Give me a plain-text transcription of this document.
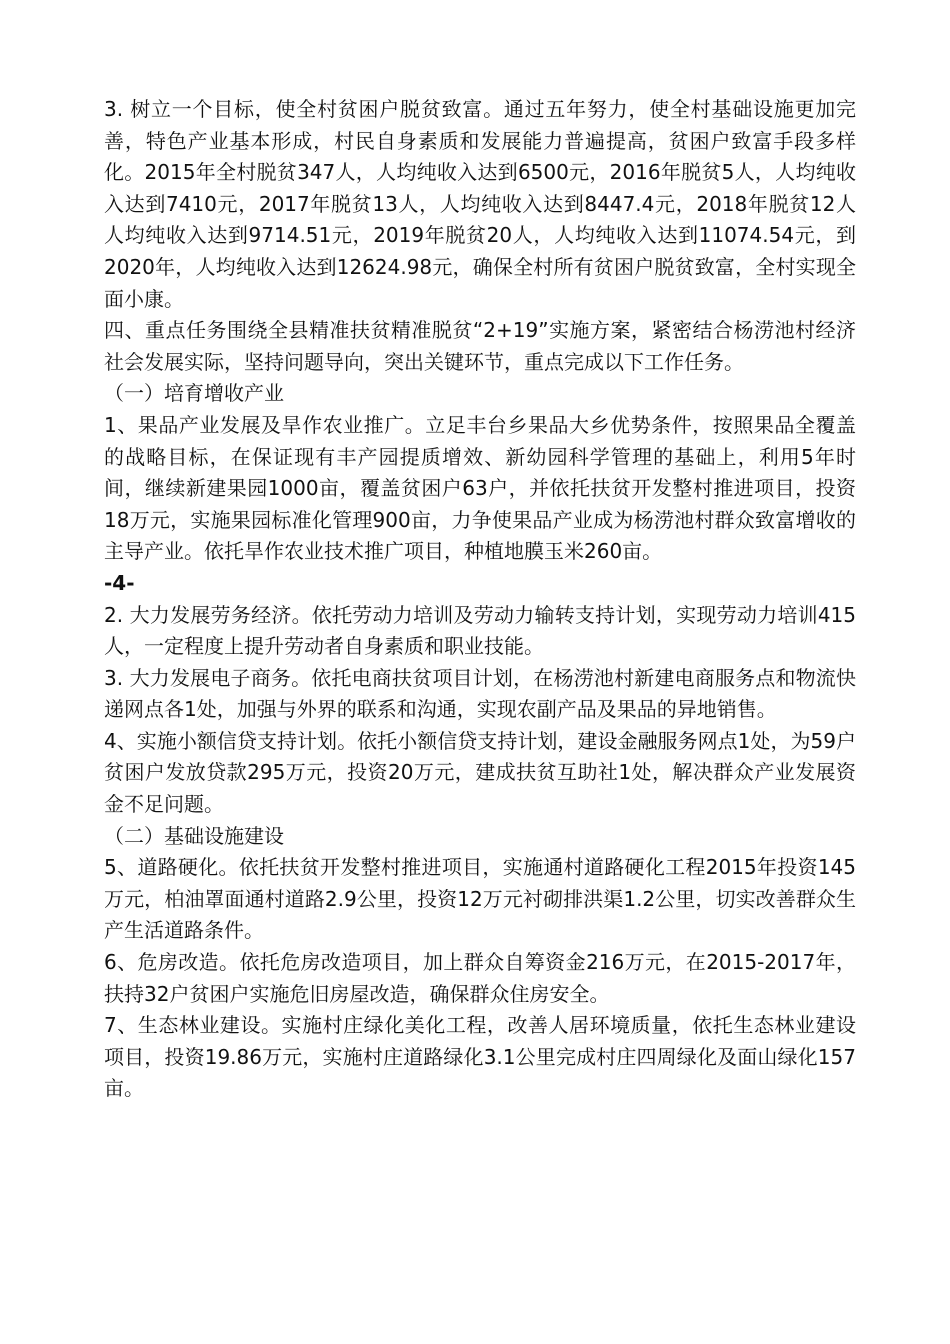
3. 树立一个目标，使全村贫困户脱贫致富。通过五年努力，使全村基础设施更加完善，特色产业基本形成，村民自身素质和发展能力普遍提高，贫困户致富手段多样化。2015年全村脱贫347人，人均纯收入达到6500元，2016年脱贫5人，人均纯收入达到7410元，2017年脱贫13人，人均纯收入达到8447.4元，2018年脱贫12人人均纯收入达到9714.51元，2019年脱贫20人，人均纯收入达到11074.54元，到2020年，人均纯收入达到12624.98元，确保全村所有贫困户脱贫致富，全村实现全面小康。

四、重点任务围绕全县精准扶贫精准脱贫“2+19”实施方案，紧密结合杨涝池村经济社会发展实际，坚持问题导向，突出关键环节，重点完成以下工作任务。

（一）培育增收产业

1、果品产业发展及旱作农业推广。立足丰台乡果品大乡优势条件，按照果品全覆盖的战略目标，在保证现有丰产园提质增效、新幼园科学管理的基础上，利用5年时间，继续新建果园1000亩，覆盖贫困户63户，并依托扶贫开发整村推进项目，投资18万元，实施果园标准化管理900亩，力争使果品产业成为杨涝池村群众致富增收的主导产业。依托旱作农业技术推广项目，种植地膜玉米260亩。

-4-

2. 大力发展劳务经济。依托劳动力培训及劳动力输转支持计划，实现劳动力培训415人，一定程度上提升劳动者自身素质和职业技能。

3. 大力发展电子商务。依托电商扶贫项目计划，在杨涝池村新建电商服务点和物流快递网点各1处，加强与外界的联系和沟通，实现农副产品及果品的异地销售。

4、实施小额信贷支持计划。依托小额信贷支持计划，建设金融服务网点1处，为59户贫困户发放贷款295万元，投资20万元，建成扶贫互助社1处，解决群众产业发展资金不足问题。

（二）基础设施建设

5、道路硬化。依托扶贫开发整村推进项目，实施通村道路硬化工程2015年投资145万元，柏油罩面通村道路2.9公里，投资12万元衬砌排洪渠1.2公里，切实改善群众生产生活道路条件。

6、危房改造。依托危房改造项目，加上群众自筹资金216万元，在2015-2017年，扶持32户贫困户实施危旧房屋改造，确保群众住房安全。

7、生态林业建设。实施村庄绿化美化工程，改善人居环境质量，依托生态林业建设项目，投资19.86万元，实施村庄道路绿化3.1公里完成村庄四周绿化及面山绿化157亩。
